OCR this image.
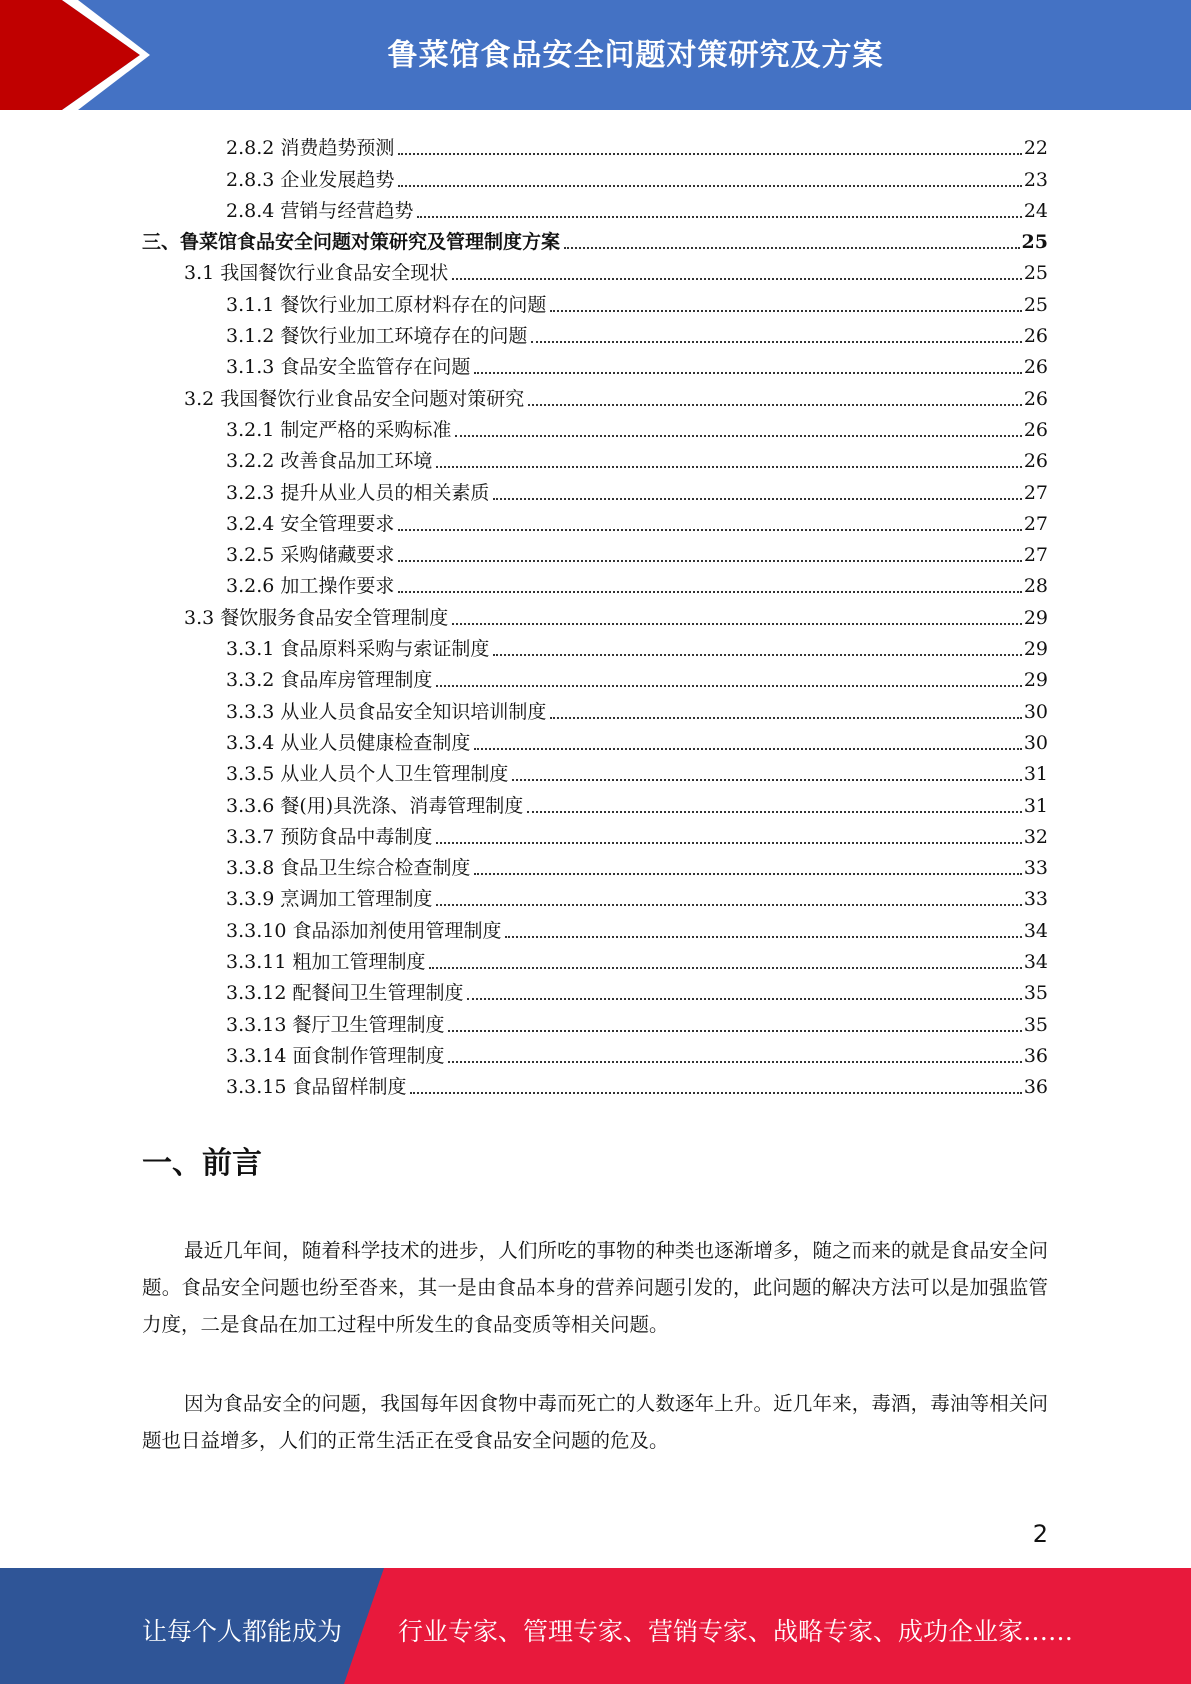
鲁菜馆食品安全问题对策研究及方案
2.8.2 消费趋势预测	22
2.8.3 企业发展趋势	23
2.8.4 营销与经营趋势	24
三、鲁菜馆食品安全问题对策研究及管理制度方案	25
3.1 我国餐饮行业食品安全现状	25
3.1.1 餐饮行业加工原材料存在的问题	25
3.1.2 餐饮行业加工环境存在的问题	26
3.1.3 食品安全监管存在问题	26
3.2 我国餐饮行业食品安全问题对策研究	26
3.2.1 制定严格的采购标准	26
3.2.2 改善食品加工环境	26
3.2.3 提升从业人员的相关素质	27
3.2.4 安全管理要求	27
3.2.5 采购储藏要求	27
3.2.6 加工操作要求	28
3.3 餐饮服务食品安全管理制度	29
3.3.1 食品原料采购与索证制度	29
3.3.2 食品库房管理制度	29
3.3.3 从业人员食品安全知识培训制度	30
3.3.4 从业人员健康检查制度	30
3.3.5 从业人员个人卫生管理制度	31
3.3.6 餐(用)具洗涤、消毒管理制度	31
3.3.7 预防食品中毒制度	32
3.3.8 食品卫生综合检查制度	33
3.3.9 烹调加工管理制度	33
3.3.10 食品添加剂使用管理制度	34
3.3.11 粗加工管理制度	34
3.3.12 配餐间卫生管理制度	35
3.3.13 餐厅卫生管理制度	35
3.3.14 面食制作管理制度	36
3.3.15 食品留样制度	36
一、前言

最近几年间，随着科学技术的进步，人们所吃的事物的种类也逐渐增多，随之而来的就是食品安全问题。食品安全问题也纷至沓来，其一是由食品本身的营养问题引发的，此问题的解决方法可以是加强监管力度，二是食品在加工过程中所发生的食品变质等相关问题。

因为食品安全的问题，我国每年因食物中毒而死亡的人数逐年上升。近几年来，毒酒，毒油等相关问题也日益增多，人们的正常生活正在受食品安全问题的危及。

2
让每个人都能成为 行业专家、管理专家、营销专家、战略专家、成功企业家……
